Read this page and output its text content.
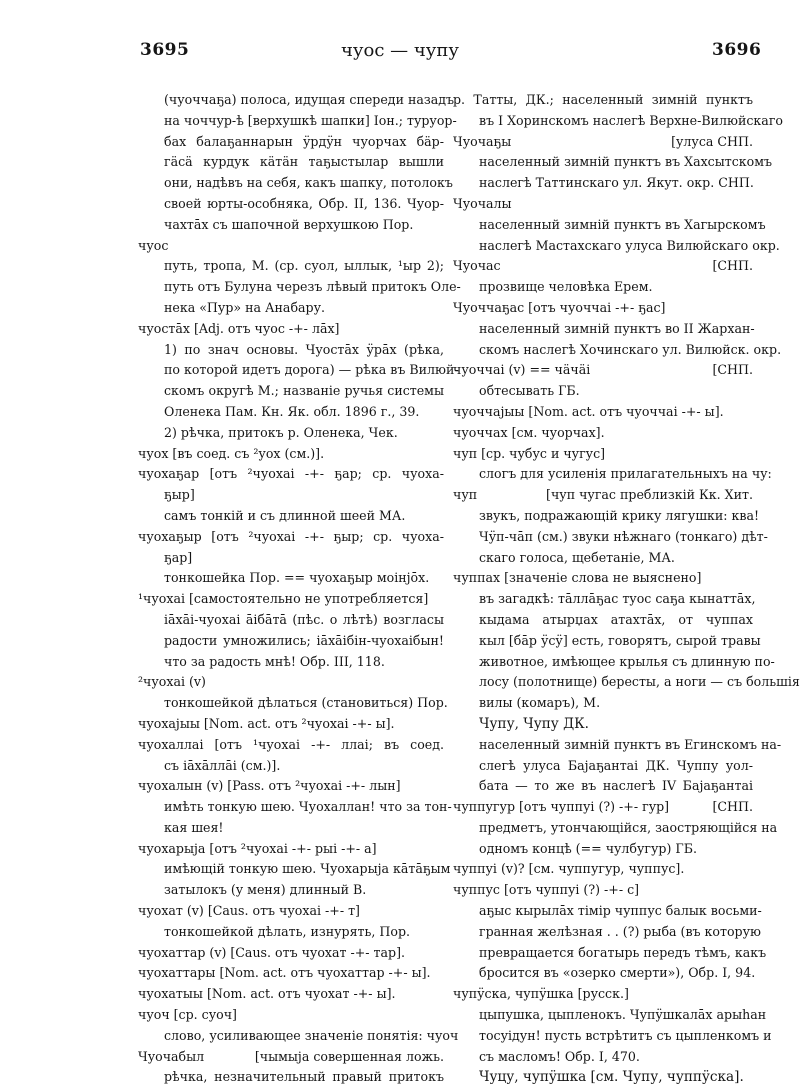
3695	чуос — чупу	3696
(чуоччаҕа) полоса, идущая спереди назадъ
на чоччур-ѣ [верхушкѣ шапки] Іон.; туруор-
бах балаҕаннарын ӱрдӱн чуорчах бӓр-
гӓсӓ курдук кӓтӓн таҕыстылар вышли
они, надѣвъ на себя, какъ шапку, потолокъ
своей юрты-особняка, Обр. II, 136. Чуор-
чахтāх съ шапочной верхушкою Пор.
чуос
путь, тропа, М. (ср. суол, ыллык, ¹ыр 2);
путь отъ Булуна черезъ лѣвый притокъ Оле-
нека «Пур» на Анабару.
чуостāх [Adj. отъ чуос -+- лāх]
1) по знач основы. Чуостāх ӱрāх (рѣка,
по которой идетъ дорога) — рѣка въ Вилюй-
скомъ округѣ М.; названіе ручья системы
Оленека Пам. Кн. Як. обл. 1896 г., 39.
2) рѣчка, притокъ р. Оленека, Чек.
чуох [въ соед. съ ²уох (см.)].
чуохаҕар [отъ ²чуохаі -+- ҕар; ср. чуоха-
ҕыр]
самъ тонкій и съ длинной шеей МА.
чуохаҕыр [отъ ²чуохаі -+- ҕыр; ср. чуоха-
ҕар]
тонкошейка Пор. == чуохаҕыр моінјōх.
¹чуохаі [самостоятельно не употребляется]
іāхāі-чуохаі āібāтā (пѣс. о лѣтѣ) возгласы
радости умножились; іāхāібін-чуохаібын!
что за радость мнѣ! Обр. III, 118.
²чуохаі (v)
тонкошейкой дѣлаться (становиться) Пор.
чуохајыы [Nom. act. отъ ²чуохаі -+- ы].
чуохаллаі [отъ ¹чуохаі -+- ллаі; въ соед.
съ іāхāллāі (см.)].
чуохалын (v) [Pass. отъ ²чуохаі -+- лын]
имѣть тонкую шею. Чуохаллан! что за тон-
кая шея!
чуохарыја [отъ ²чуохаі -+- рыі -+- а]
имѣющій тонкую шею. Чуохарыја кāтāҕым
затылокъ (у меня) длинный В.
чуохат (v) [Caus. отъ чуохаі -+- т]
тонкошейкой дѣлать, изнурять, Пор.
чуохаттар (v) [Caus. отъ чуохат -+- тар].
чуохаттары [Nom. act. отъ чуохаттар -+- ы].
чуохатыы [Nom. act. отъ чуохат -+- ы].
чуоч [ср. суоч]
слово, усиливающее значеніе понятія: чуоч
Чуочабыл	[чымыја совершенная ложь.
рѣчка, незначительный правый притокъ
р. Татты, ДК.; населенный зимній пунктъ
въ І Хоринскомъ наслегѣ Верхне-Вилюйскаго
Чуочаҕы	[улуса СНП.
населенный зимній пунктъ въ Хахсытскомъ
наслегѣ Таттинскаго ул. Якут. окр. СНП.
Чуочалы
населенный зимній пунктъ въ Хагырскомъ
наслегѣ Мастахскаго улуса Вилюйскаго окр.
Чуочас	[СНП.
прозвище человѣка Ерем.
Чуоччаҕас [отъ чуоччаі -+- ҕас]
населенный зимній пунктъ во II Жархан-
скомъ наслегѣ Хочинскаго ул. Вилюйск. окр.
чуоччаі (v) == чӓчӓі	[СНП.
обтесывать ГБ.
чуоччајыы [Nom. act. отъ чуоччаі -+- ы].
чуоччах [см. чуорчах].
чуп [ср. чубус и чугус]
слогъ для усиленія прилагательныхъ на чу:
чуп	[чуп чугас преблизкій Кк. Хит.
звукъ, подражающій крику лягушки: ква!
Чӱп-чāп (см.) звуки нѣжнаго (тонкаго) дѣт-
скаго голоса, щебетаніе, МА.
чуппах [значеніе слова не выяснено]
въ загадкѣ: тāллāҕас туос саҕа кынаттāх,
кыдама атырџах атахтāх, от чуппах
кыл [бāр ӱсӱ] есть, говорятъ, сырой травы
животное, имѣющее крылья съ длинную по-
лосу (полотнище) бересты, а ноги — съ большія
вилы (комаръ), М.
Чупу, Чупу ДК.
населенный зимній пунктъ въ Егинскомъ на-
слегѣ улуса Бајаҕантаі ДК. Чуппу уол-
бата — то же въ наслегѣ IV Бајаҕантаі
чуппугур [отъ чуппуі (?) -+- гур]	[СНП.
предметъ, утончающійся, заостряющійся на
одномъ концѣ (== чулбугур) ГБ.
чуппуі (v)? [см. чуппугур, чуппус].
чуппус [отъ чуппуі (?) -+- с]
аҕыс кырылāх тімір чуппус балык восьми-
гранная желѣзная . . (?) рыба (въ которую
превращается богатырь передъ тѣмъ, какъ
бросится въ «озерко смерти»), Обр. I, 94.
чупӱска, чупӱшка [русск.]
цыпушка, цыпленокъ. Чупӱшкалāх арыһан
тосуідун! пусть встрѣтитъ съ цыпленкомъ и
съ масломъ! Обр. I, 470.
Чуцу, чупӱшка [см. Чупу, чуппӱска].
